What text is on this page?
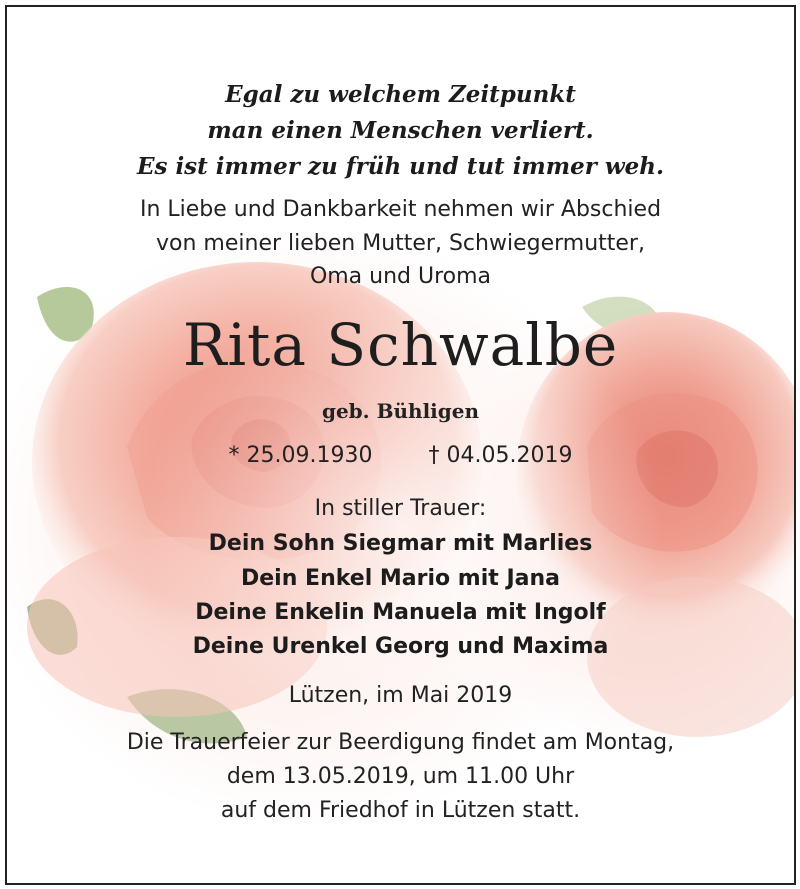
Egal zu welchem Zeitpunkt
man einen Menschen verliert.
Es ist immer zu früh und tut immer weh.
In Liebe und Dankbarkeit nehmen wir Abschied
von meiner lieben Mutter, Schwiegermutter,
Oma und Uroma
Rita Schwalbe
geb. Bühligen
* 25.09.1930	† 04.05.2019
In stiller Trauer:
Dein Sohn Siegmar mit Marlies
Dein Enkel Mario mit Jana
Deine Enkelin Manuela mit Ingolf
Deine Urenkel Georg und Maxima
Lützen, im Mai 2019
Die Trauerfeier zur Beerdigung findet am Montag,
dem 13.05.2019, um 11.00 Uhr
auf dem Friedhof in Lützen statt.
